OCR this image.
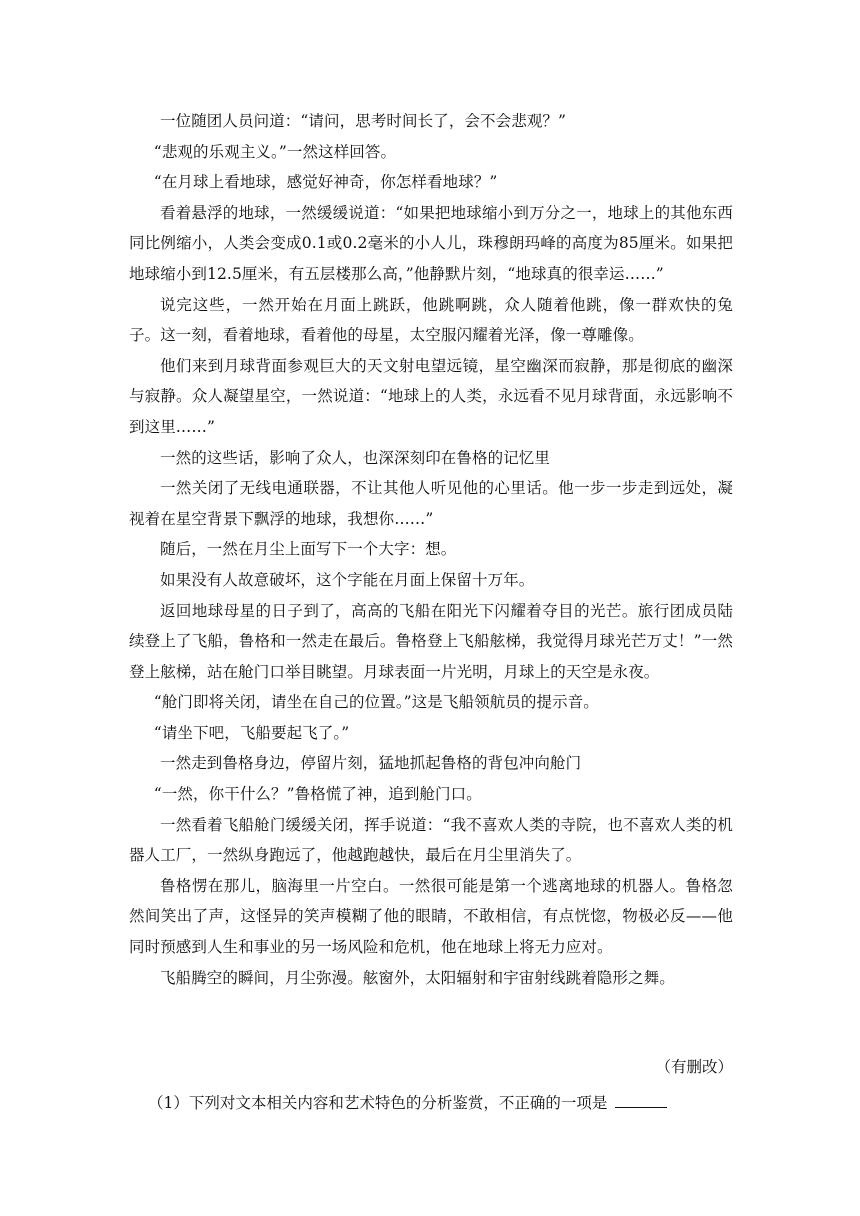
一位随团人员问道：“请问，思考时间长了，会不会悲观？”

“悲观的乐观主义。”一然这样回答。

“在月球上看地球，感觉好神奇，你怎样看地球？”

看着悬浮的地球，一然缓缓说道：“如果把地球缩小到万分之一，地球上的其他东西同比例缩小，人类会变成0.1或0.2毫米的小人儿，珠穆朗玛峰的高度为85厘米。如果把地球缩小到12.5厘米，有五层楼那么高，”他静默片刻，“地球真的很幸运……”

说完这些，一然开始在月面上跳跃，他跳啊跳，众人随着他跳，像一群欢快的兔子。这一刻，看着地球，看着他的母星，太空服闪耀着光泽，像一尊雕像。

他们来到月球背面参观巨大的天文射电望远镜，星空幽深而寂静，那是彻底的幽深与寂静。众人凝望星空，一然说道：“地球上的人类，永远看不见月球背面，永远影响不到这里……”

一然的这些话，影响了众人，也深深刻印在鲁格的记忆里

一然关闭了无线电通联器，不让其他人听见他的心里话。他一步一步走到远处，凝视着在星空背景下飘浮的地球，我想你……”

随后，一然在月尘上面写下一个大字：想。

如果没有人故意破坏，这个字能在月面上保留十万年。

返回地球母星的日子到了，高高的飞船在阳光下闪耀着夺目的光芒。旅行团成员陆续登上了飞船，鲁格和一然走在最后。鲁格登上飞船舷梯，我觉得月球光芒万丈！”一然登上舷梯，站在舱门口举目眺望。月球表面一片光明，月球上的天空是永夜。

“舱门即将关闭，请坐在自己的位置。”这是飞船领航员的提示音。

“请坐下吧，飞船要起飞了。”

一然走到鲁格身边，停留片刻，猛地抓起鲁格的背包冲向舱门

“一然，你干什么？”鲁格慌了神，追到舱门口。

一然看着飞船舱门缓缓关闭，挥手说道：“我不喜欢人类的寺院，也不喜欢人类的机器人工厂，一然纵身跑远了，他越跑越快，最后在月尘里消失了。

鲁格愣在那儿，脑海里一片空白。一然很可能是第一个逃离地球的机器人。鲁格忽然间笑出了声，这怪异的笑声模糊了他的眼睛，不敢相信，有点恍惚，物极必反——他同时预感到人生和事业的另一场风险和危机，他在地球上将无力应对。

飞船腾空的瞬间，月尘弥漫。舷窗外，太阳辐射和宇宙射线跳着隐形之舞。

（有删改）
（1）下列对文本相关内容和艺术特色的分析鉴赏，不正确的一项是
